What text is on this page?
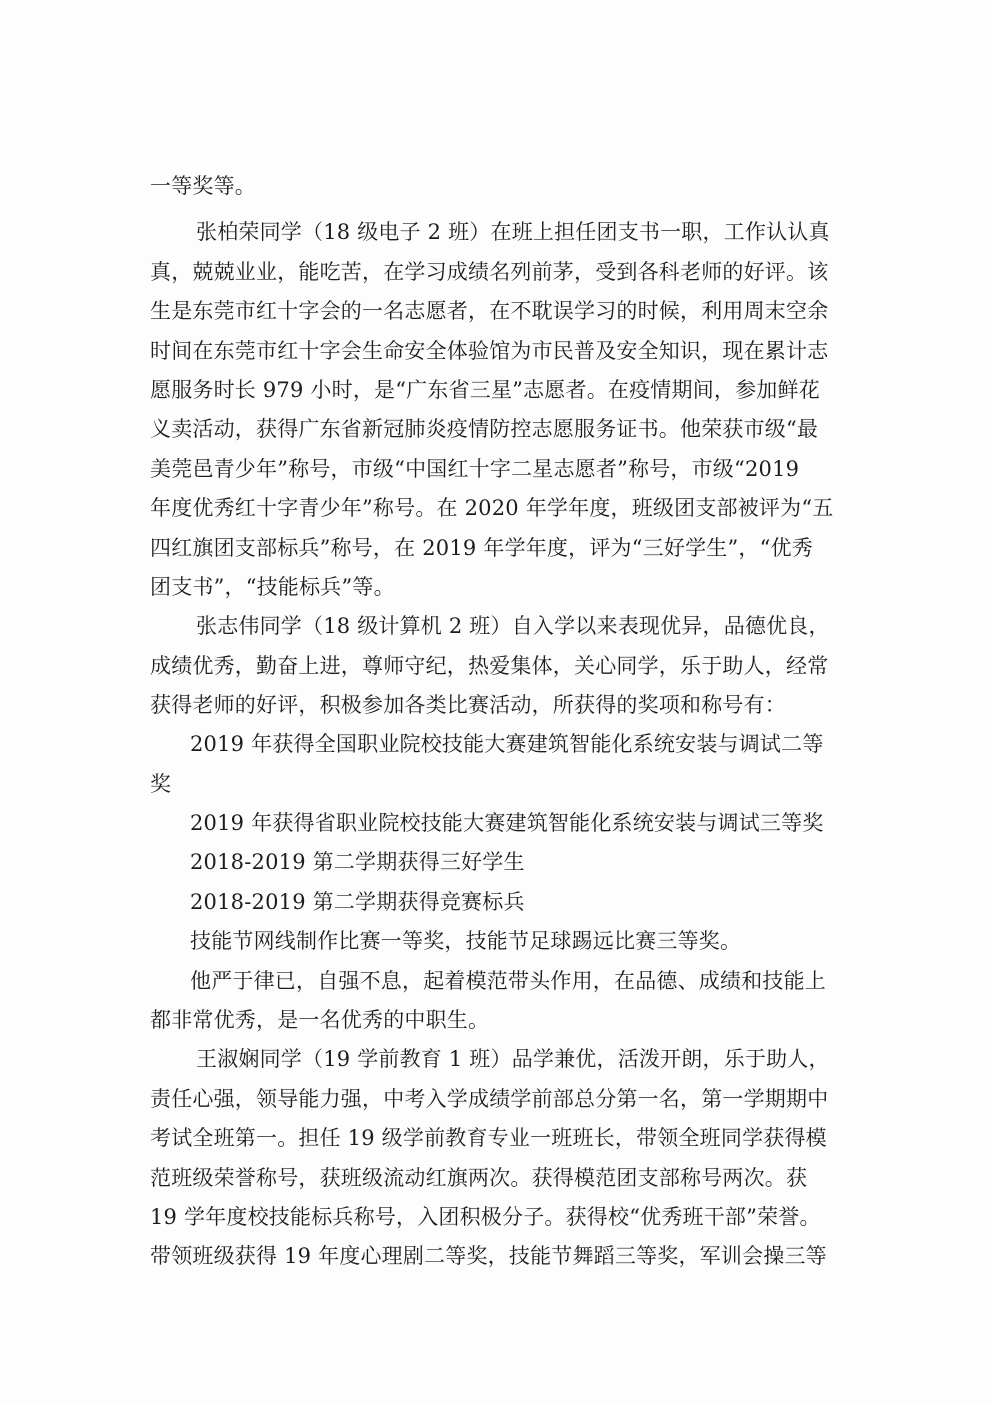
一等奖等。
张柏荣同学（18 级电子 2 班）在班上担任团支书一职，工作认认真
真，兢兢业业，能吃苦，在学习成绩名列前茅，受到各科老师的好评。该
生是东莞市红十字会的一名志愿者，在不耽误学习的时候，利用周末空余
时间在东莞市红十字会生命安全体验馆为市民普及安全知识，现在累计志
愿服务时长 979 小时，是“广东省三星”志愿者。在疫情期间，参加鲜花
义卖活动，获得广东省新冠肺炎疫情防控志愿服务证书。他荣获市级“最
美莞邑青少年”称号，市级“中国红十字二星志愿者”称号，市级“2019
年度优秀红十字青少年”称号。在 2020 年学年度，班级团支部被评为“五
四红旗团支部标兵”称号，在 2019 年学年度，评为“三好学生”，“优秀
团支书”，“技能标兵”等。
张志伟同学（18 级计算机 2 班）自入学以来表现优异，品德优良，
成绩优秀，勤奋上进，尊师守纪，热爱集体，关心同学，乐于助人，经常
获得老师的好评，积极参加各类比赛活动，所获得的奖项和称号有：
2019 年获得全国职业院校技能大赛建筑智能化系统安装与调试二等
奖
2019 年获得省职业院校技能大赛建筑智能化系统安装与调试三等奖
2018-2019 第二学期获得三好学生
2018-2019 第二学期获得竞赛标兵
技能节网线制作比赛一等奖，技能节足球踢远比赛三等奖。
他严于律已，自强不息，起着模范带头作用，在品德、成绩和技能上
都非常优秀，是一名优秀的中职生。
王淑娴同学（19 学前教育 1 班）品学兼优，活泼开朗，乐于助人，
责任心强，领导能力强，中考入学成绩学前部总分第一名，第一学期期中
考试全班第一。担任 19 级学前教育专业一班班长，带领全班同学获得模
范班级荣誉称号，获班级流动红旗两次。获得模范团支部称号两次。获
19 学年度校技能标兵称号，入团积极分子。获得校“优秀班干部”荣誉。
带领班级获得 19 年度心理剧二等奖，技能节舞蹈三等奖，军训会操三等
